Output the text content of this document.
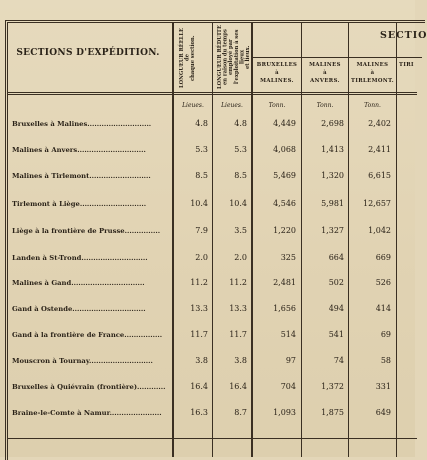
SECTIONS D'EXPÉDITION.
LONGUEUR RÉELLE
de
chaque section.
LONGUEUR RÉDUITE
en raison du temps
employé par
l'exploitation à ses lieux
et lieux.
SECTIO
BRUXELLES
à
MALINES.
MALINES
à
ANVERS.
MALINES
à
TIRLEMONT.
TIRI
Lieues.	Lieues.	Tonn.	Tonn.	Tonn.
Bruxelles à Malines...........................	4.8	4.8	4,449	2,698	2,402
Malines à Anvers.............................	5.3	5.3	4,068	1,413	2,411
Malines à Tirlemont..........................	8.5	8.5	5,469	1,320	6,615
Tirlemont à Liège............................	10.4	10.4	4,546	5,981	12,657
Liège à la frontière de Prusse...............	7.9	3.5	1,220	1,327	1,042
Landen à St-Trond............................	2.0	2.0	325	664	669
Malines à Gand...............................	11.2	11.2	2,481	502	526
Gand à Ostende...............................	13.3	13.3	1,656	494	414
Gand à la frontière de France................	11.7	11.7	514	541	69
Mouscron à Tournay...........................	3.8	3.8	97	74	58
Bruxelles à Quiévrain (frontière)............	16.4	16.4	704	1,372	331
Braine-le-Comte à Namur......................	16.3	8.7	1,093	1,875	649
